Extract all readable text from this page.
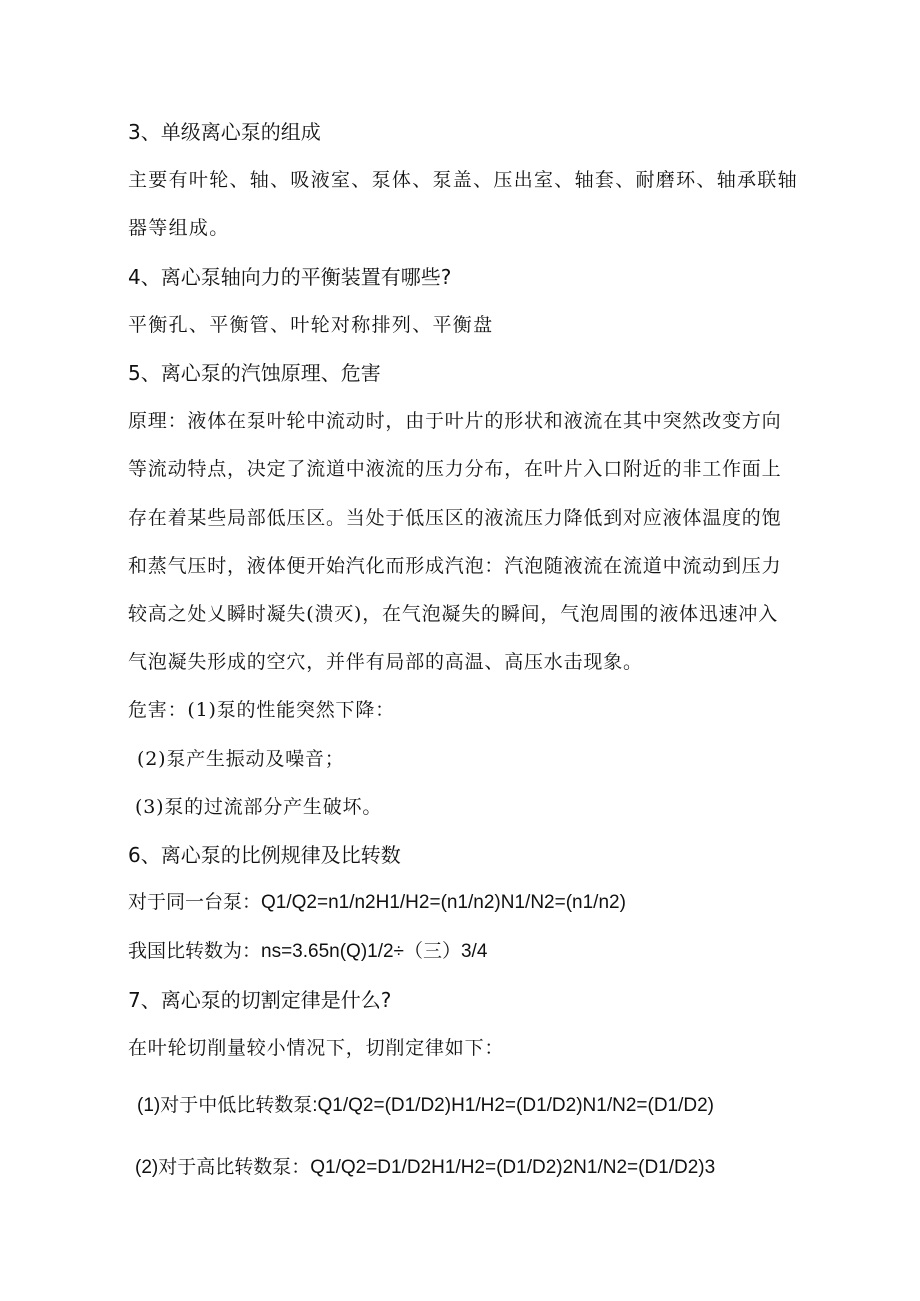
3、单级离心泵的组成
主要有叶轮、轴、吸液室、泵体、泵盖、压出室、轴套、耐磨环、轴承联轴
器等组成。
4、离心泵轴向力的平衡装置有哪些?
平衡孔、平衡管、叶轮对称排列、平衡盘
5、离心泵的汽蚀原理、危害
原理：液体在泵叶轮中流动时，由于叶片的形状和液流在其中突然改变方向
等流动特点，决定了流道中液流的压力分布，在叶片入口附近的非工作面上
存在着某些局部低压区。当处于低压区的液流压力降低到对应液体温度的饱
和蒸气压时，液体便开始汽化而形成汽泡：汽泡随液流在流道中流动到压力
较高之处乂瞬时凝失(溃灭)，在气泡凝失的瞬间，气泡周围的液体迅速冲入
气泡凝失形成的空穴，并伴有局部的高温、高压水击现象。
危害：(1)泵的性能突然下降：
(2)泵产生振动及噪音；
(3)泵的过流部分产生破坏。
6、离心泵的比例规律及比转数
对于同一台泵：Q1/Q2=n1/n2H1/H2=(n1/n2)N1/N2=(n1/n2)
我国比转数为：ns=3.65n(Q)1/2÷（三）3/4
7、离心泵的切割定律是什么?
在叶轮切削量较小情况下，切削定律如下：
(1)对于中低比转数泵:Q1/Q2=(D1/D2)H1/H2=(D1/D2)N1/N2=(D1/D2)
(2)对于高比转数泵：Q1/Q2=D1/D2H1/H2=(D1/D2)2N1/N2=(D1/D2)3
